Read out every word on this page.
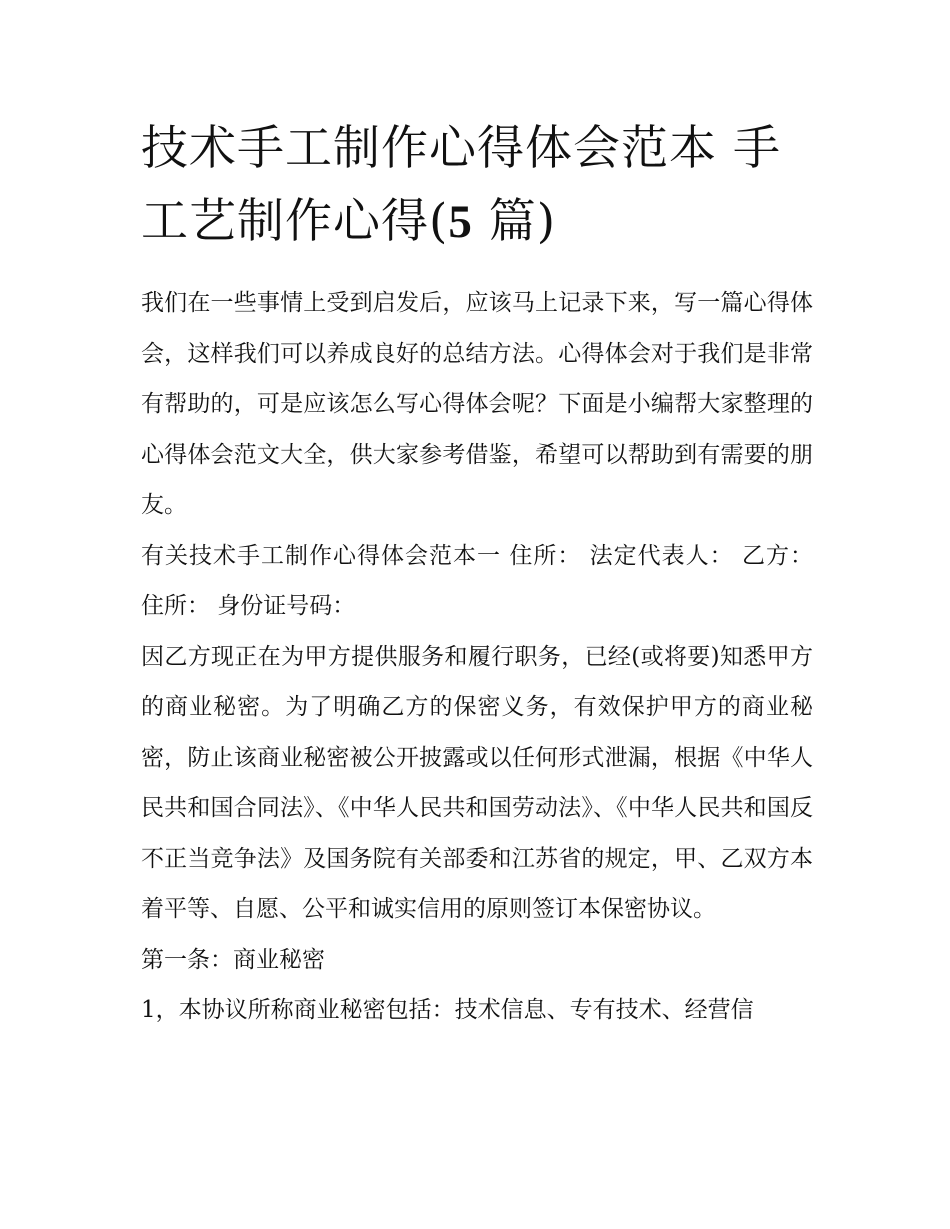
技术手工制作心得体会范本 手工艺制作心得(5 篇)

我们在一些事情上受到启发后，应该马上记录下来，写一篇心得体会，这样我们可以养成良好的总结方法。心得体会对于我们是非常有帮助的，可是应该怎么写心得体会呢？下面是小编帮大家整理的心得体会范文大全，供大家参考借鉴，希望可以帮助到有需要的朋友。

有关技术手工制作心得体会范本一 住所： 法定代表人： 乙方： 住所： 身份证号码：

因乙方现正在为甲方提供服务和履行职务，已经(或将要)知悉甲方的商业秘密。为了明确乙方的保密义务，有效保护甲方的商业秘密，防止该商业秘密被公开披露或以任何形式泄漏，根据《中华人民共和国合同法》、《中华人民共和国劳动法》、《中华人民共和国反不正当竞争法》及国务院有关部委和江苏省的规定，甲、乙双方本着平等、自愿、公平和诚实信用的原则签订本保密协议。

第一条：商业秘密

1，本协议所称商业秘密包括：技术信息、专有技术、经营信
